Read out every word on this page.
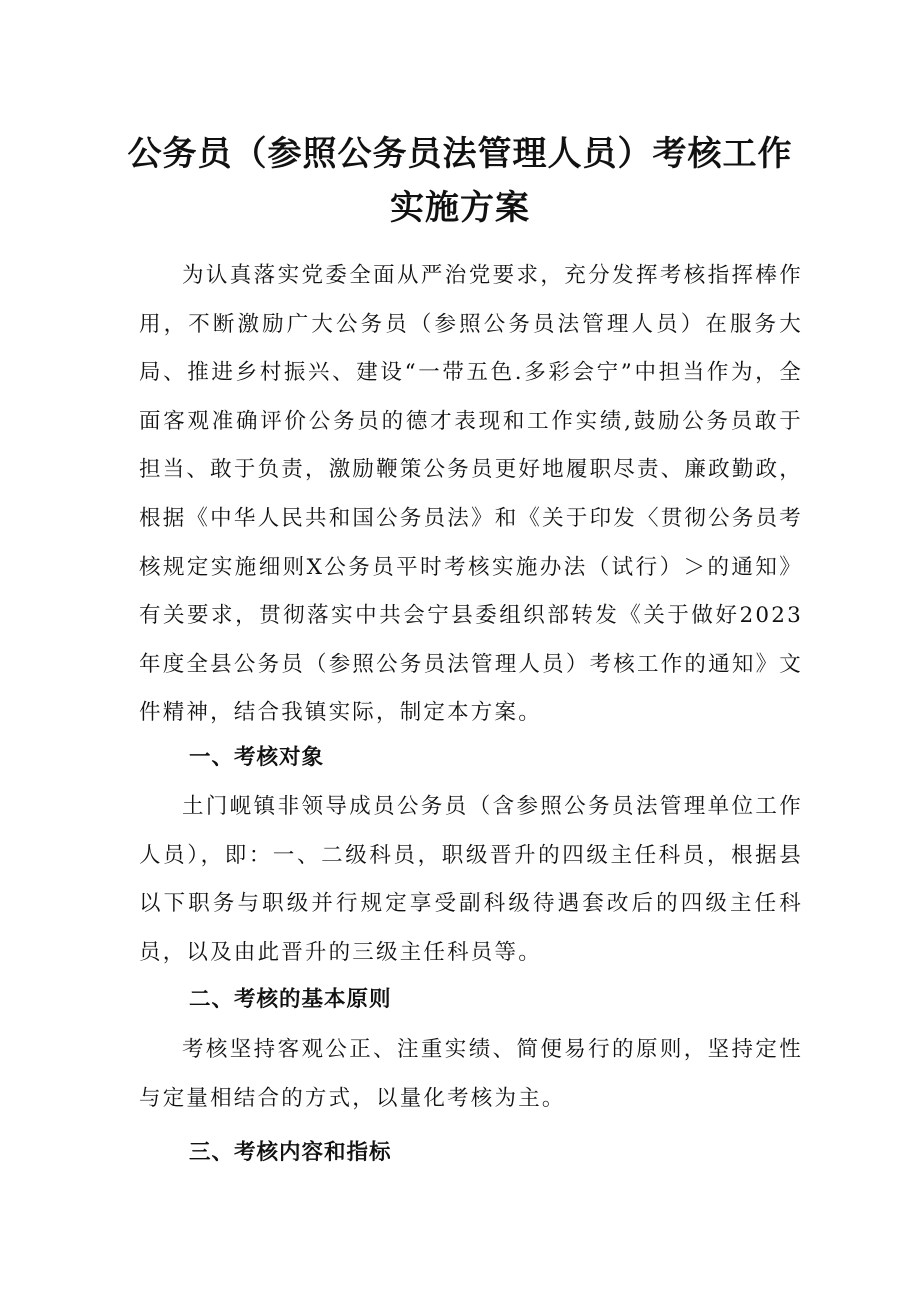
公务员（参照公务员法管理人员）考核工作实施方案

为认真落实党委全面从严治党要求，充分发挥考核指挥棒作用，不断激励广大公务员（参照公务员法管理人员）在服务大局、推进乡村振兴、建设“一带五色.多彩会宁”中担当作为，全面客观准确评价公务员的德才表现和工作实绩,鼓励公务员敢于担当、敢于负责，激励鞭策公务员更好地履职尽责、廉政勤政，根据《中华人民共和国公务员法》和《关于印发〈贯彻公务员考核规定实施细则X公务员平时考核实施办法（试行）＞的通知》有关要求，贯彻落实中共会宁县委组织部转发《关于做好2023年度全县公务员（参照公务员法管理人员）考核工作的通知》文件精神，结合我镇实际，制定本方案。

一、考核对象

土门岘镇非领导成员公务员（含参照公务员法管理单位工作人员），即：一、二级科员，职级晋升的四级主任科员，根据县以下职务与职级并行规定享受副科级待遇套改后的四级主任科员，以及由此晋升的三级主任科员等。

二、考核的基本原则

考核坚持客观公正、注重实绩、简便易行的原则，坚持定性与定量相结合的方式，以量化考核为主。

三、考核内容和指标
